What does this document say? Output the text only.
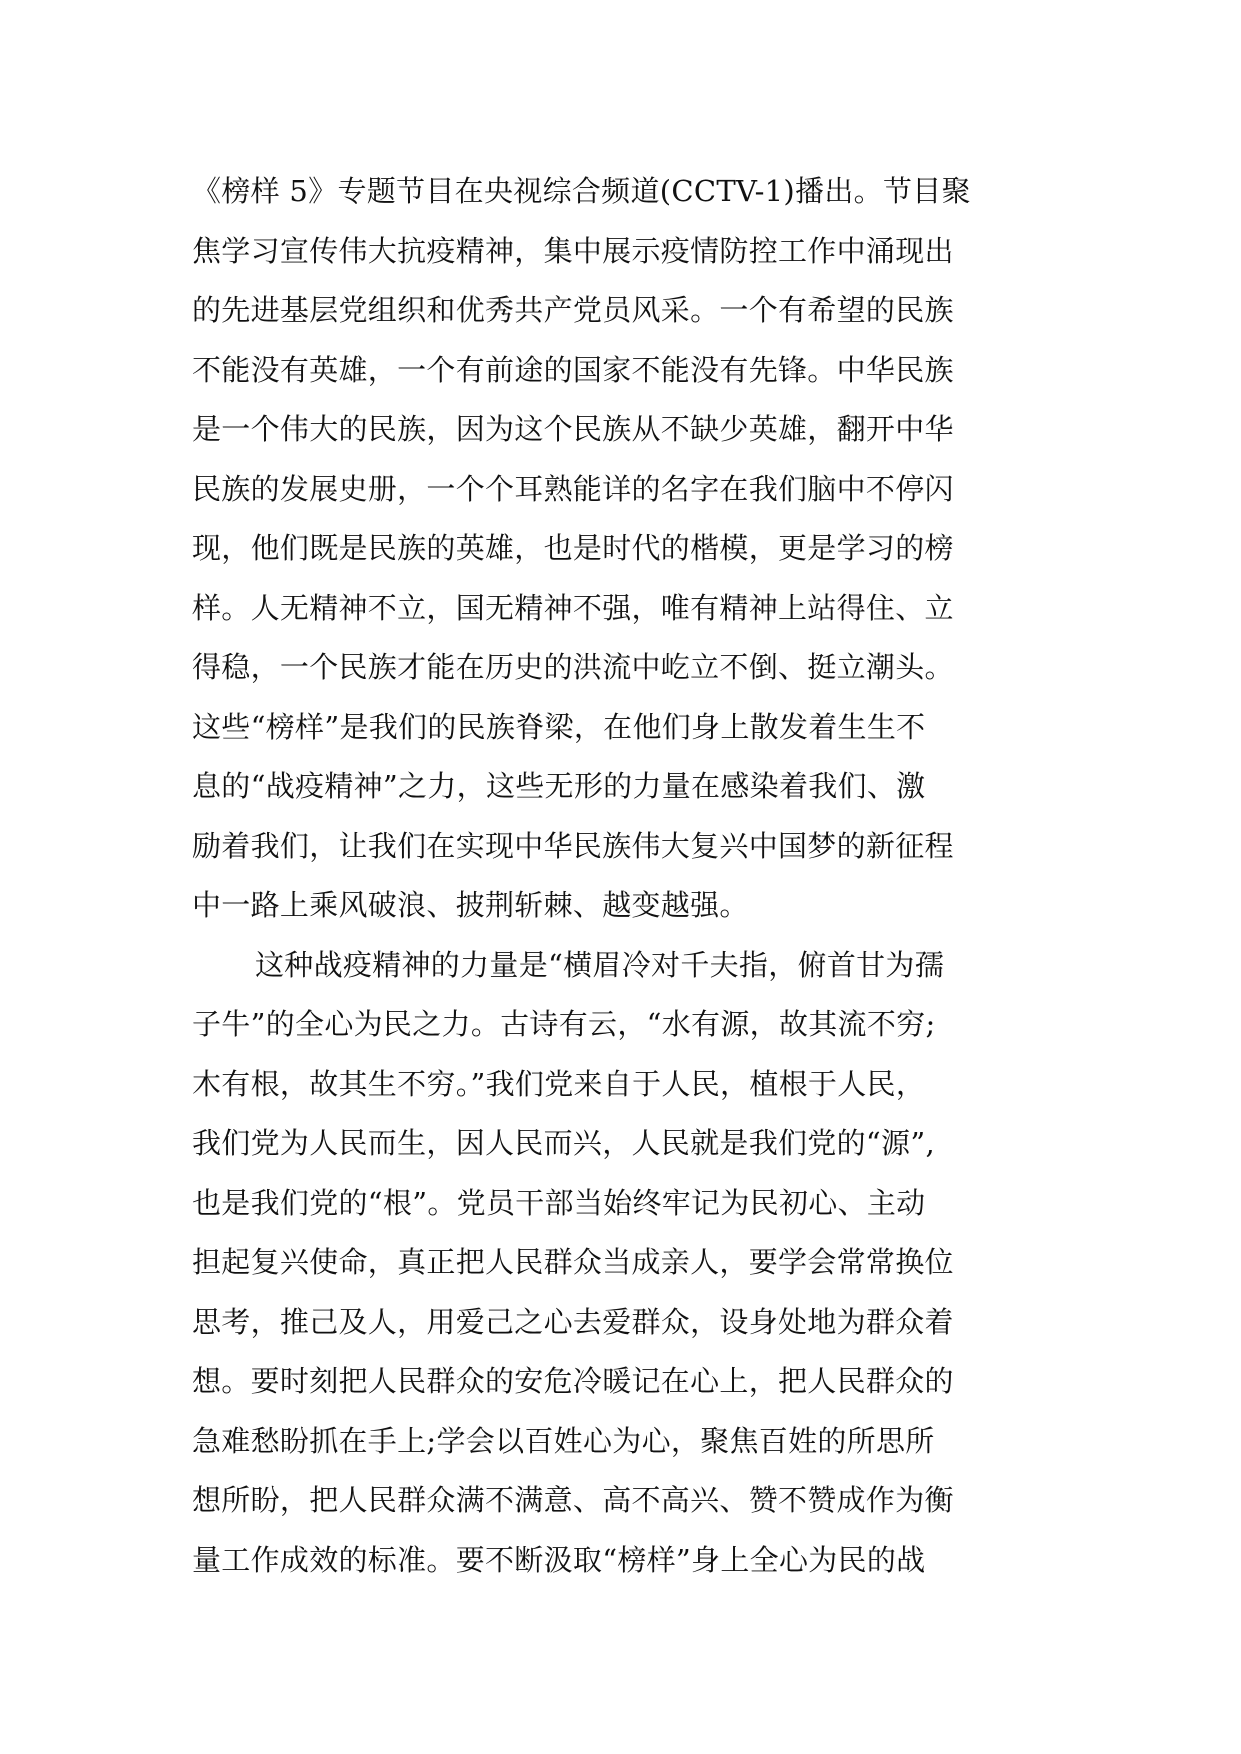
《榜样 5》专题节目在央视综合频道(CCTV-1)播出。节目聚
焦学习宣传伟大抗疫精神，集中展示疫情防控工作中涌现出
的先进基层党组织和优秀共产党员风采。一个有希望的民族
不能没有英雄，一个有前途的国家不能没有先锋。中华民族
是一个伟大的民族，因为这个民族从不缺少英雄，翻开中华
民族的发展史册，一个个耳熟能详的名字在我们脑中不停闪
现，他们既是民族的英雄，也是时代的楷模，更是学习的榜
样。人无精神不立，国无精神不强，唯有精神上站得住、立
得稳，一个民族才能在历史的洪流中屹立不倒、挺立潮头。
这些“榜样”是我们的民族脊梁，在他们身上散发着生生不
息的“战疫精神”之力，这些无形的力量在感染着我们、激
励着我们，让我们在实现中华民族伟大复兴中国梦的新征程
中一路上乘风破浪、披荆斩棘、越变越强。
这种战疫精神的力量是“横眉冷对千夫指，俯首甘为孺
子牛”的全心为民之力。古诗有云，“水有源，故其流不穷;
木有根，故其生不穷。”我们党来自于人民，植根于人民，
我们党为人民而生，因人民而兴，人民就是我们党的“源”,
也是我们党的“根”。党员干部当始终牢记为民初心、主动
担起复兴使命，真正把人民群众当成亲人，要学会常常换位
思考，推己及人，用爱己之心去爱群众，设身处地为群众着
想。要时刻把人民群众的安危冷暖记在心上，把人民群众的
急难愁盼抓在手上;学会以百姓心为心，聚焦百姓的所思所
想所盼，把人民群众满不满意、高不高兴、赞不赞成作为衡
量工作成效的标准。要不断汲取“榜样”身上全心为民的战
